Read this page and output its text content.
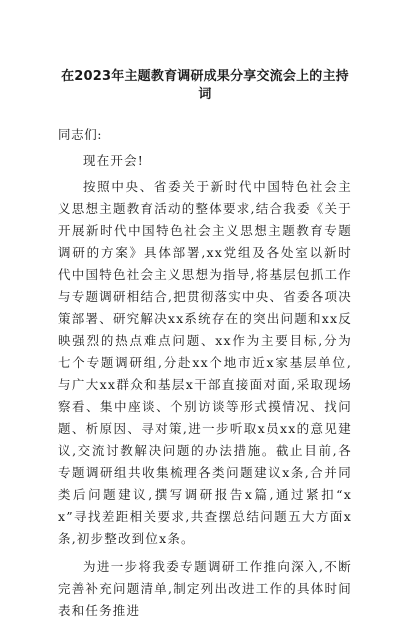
在2023年主题教育调研成果分享交流会上的主持词

同志们:

现在开会!

按照中央、省委关于新时代中国特色社会主义思想主题教育活动的整体要求,结合我委《关于开展新时代中国特色社会主义思想主题教育专题调研的方案》具体部署,xx党组及各处室以新时代中国特色社会主义思想为指导,将基层包抓工作与专题调研相结合,把贯彻落实中央、省委各项决策部署、研究解决xx系统存在的突出问题和xx反映强烈的热点难点问题、xx作为主要目标,分为七个专题调研组,分赴xx个地市近x家基层单位,与广大xx群众和基层x干部直接面对面,采取现场察看、集中座谈、个别访谈等形式摸情况、找问题、析原因、寻对策,进一步听取x员xx的意见建议,交流讨教解决问题的办法措施。截止目前,各专题调研组共收集梳理各类问题建议x条,合并同类后问题建议,撰写调研报告x篇,通过紧扣“xx”寻找差距相关要求,共查摆总结问题五大方面x条,初步整改到位x条。

为进一步将我委专题调研工作推向深入,不断完善补充问题清单,制定列出改进工作的具体时间表和任务推进
